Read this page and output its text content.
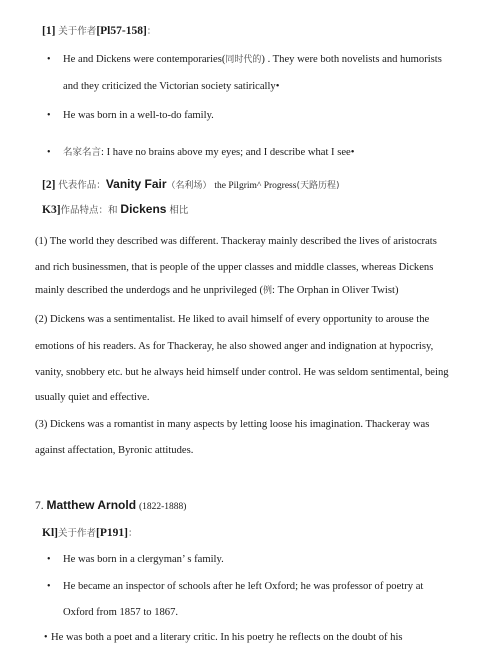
[1] 关于作者[Pl57-158]：
• He and Dickens were contemporaries(同时代的) . They were both novelists and humorists
and they criticized the Victorian society satirically•
• He was born in a well-to-do family.
• 名家名言: I have no brains above my eyes; and I describe what I see•
[2] 代表作品：Vanity Fair（名利场） the Pilgrim^ Progress(天路历程)
K3]作品特点：和 Dickens 相比
(1) The world they described was different. Thackeray mainly described the lives of aristocrats
and rich businessmen, that is people of the upper classes and middle classes, whereas Dickens
mainly described the underdogs and he unprivileged (例: The Orphan in Oliver Twist)
(2) Dickens was a sentimentalist. He liked to avail himself of every opportunity to arouse the
emotions of his readers. As for Thackeray, he also showed anger and indignation at hypocrisy,
vanity, snobbery etc. but he always heid himself under control. He was seldom sentimental, being
usually quiet and effective.
(3) Dickens was a romantist in many aspects by letting loose his imagination. Thackeray was
against affectation, Byronic attitudes.
7. Matthew Arnold (1822-1888)
Kl]关于作者[P191]：
• He was born in a clergyman’ s family.
• He became an inspector of schools after he left Oxford; he was professor of poetry at
Oxford from 1857 to 1867.
• He was both a poet and a literary critic. In his poetry he reflects on the doubt of his
